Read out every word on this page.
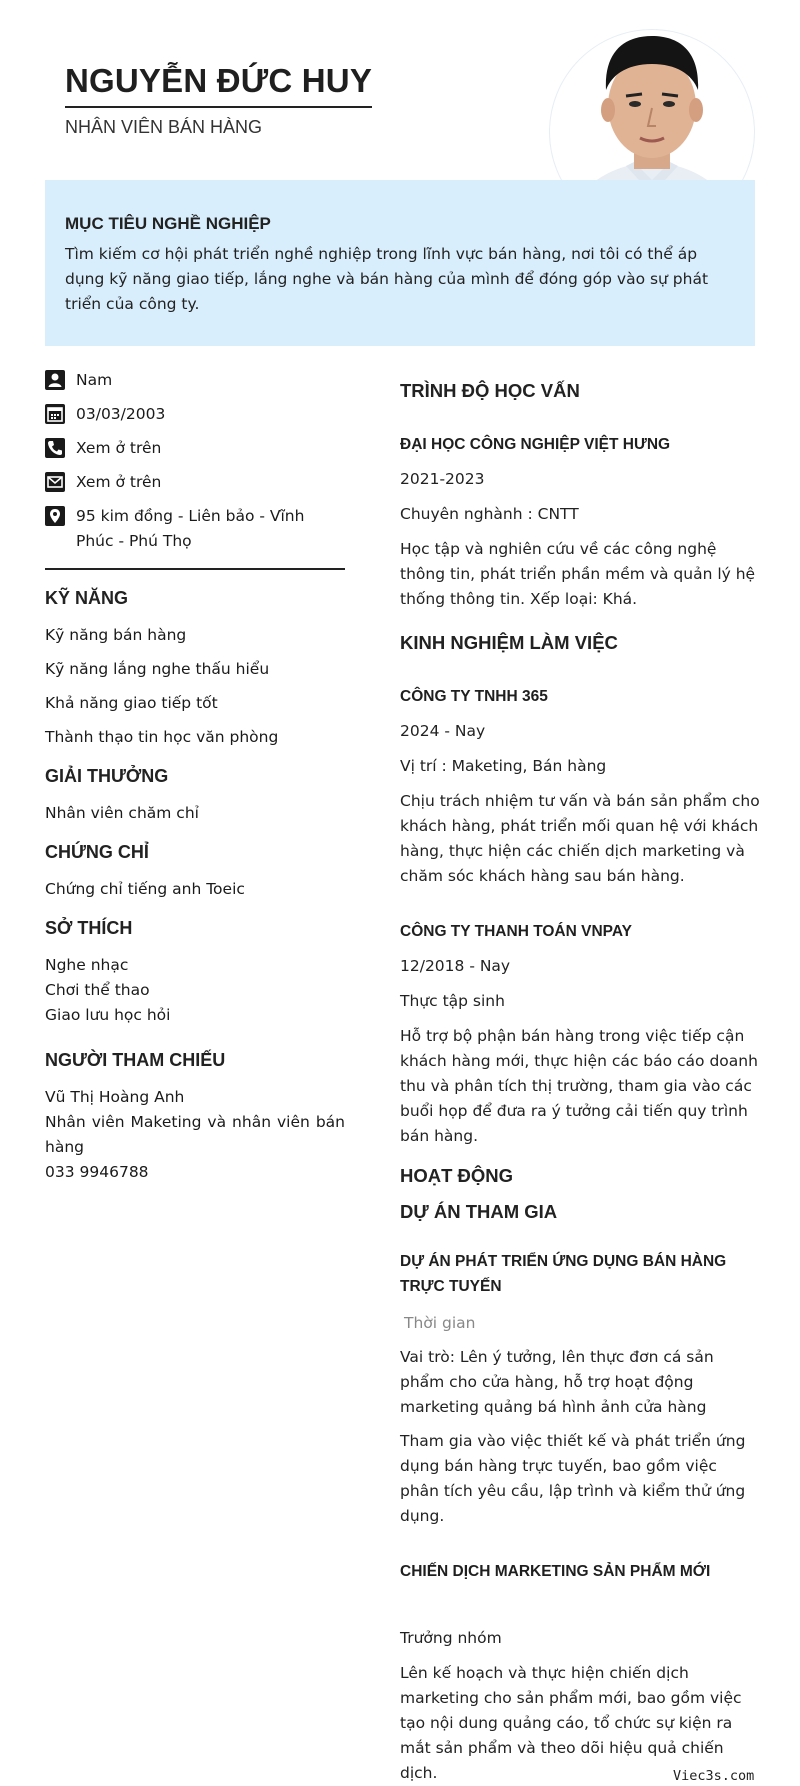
NGUYỄN ĐỨC HUY
NHÂN VIÊN BÁN HÀNG
MỤC TIÊU NGHỀ NGHIỆP

Tìm kiếm cơ hội phát triển nghề nghiệp trong lĩnh vực bán hàng, nơi tôi có thể áp dụng kỹ năng giao tiếp, lắng nghe và bán hàng của mình để đóng góp vào sự phát triển của công ty.

Nam
03/03/2003
Xem ở trên
Xem ở trên
95 kim đồng - Liên bảo - Vĩnh Phúc - Phú Thọ
KỸ NĂNG
Kỹ năng bán hàng
Kỹ năng lắng nghe thấu hiểu
Khả năng giao tiếp tốt
Thành thạo tin học văn phòng
GIẢI THƯỞNG
Nhân viên chăm chỉ
CHỨNG CHỈ
Chứng chỉ tiếng anh Toeic
SỞ THÍCH
Nghe nhạc
Chơi thể thao
Giao lưu học hỏi
NGƯỜI THAM CHIẾU
Vũ Thị Hoàng Anh
Nhân viên Maketing và nhân viên bán hàng
033 9946788
TRÌNH ĐỘ HỌC VẤN
ĐẠI HỌC CÔNG NGHIỆP VIỆT HƯNG
2021-2023
Chuyên nghành : CNTT
Học tập và nghiên cứu về các công nghệ thông tin, phát triển phần mềm và quản lý hệ thống thông tin. Xếp loại: Khá.
KINH NGHIỆM LÀM VIỆC
CÔNG TY TNHH 365
2024 - Nay
Vị trí : Maketing, Bán hàng
Chịu trách nhiệm tư vấn và bán sản phẩm cho khách hàng, phát triển mối quan hệ với khách hàng, thực hiện các chiến dịch marketing và chăm sóc khách hàng sau bán hàng.
CÔNG TY THANH TOÁN VNPAY
12/2018 - Nay
Thực tập sinh
Hỗ trợ bộ phận bán hàng trong việc tiếp cận khách hàng mới, thực hiện các báo cáo doanh thu và phân tích thị trường, tham gia vào các buổi họp để đưa ra ý tưởng cải tiến quy trình bán hàng.
HOẠT ĐỘNG
DỰ ÁN THAM GIA
DỰ ÁN PHÁT TRIỂN ỨNG DỤNG BÁN HÀNG TRỰC TUYẾN
Thời gian
Vai trò: Lên ý tưởng, lên thực đơn cá sản phẩm cho cửa hàng, hỗ trợ hoạt động marketing quảng bá hình ảnh cửa hàng
Tham gia vào việc thiết kế và phát triển ứng dụng bán hàng trực tuyến, bao gồm việc phân tích yêu cầu, lập trình và kiểm thử ứng dụng.
CHIẾN DỊCH MARKETING SẢN PHẨM MỚI
Trưởng nhóm
Lên kế hoạch và thực hiện chiến dịch marketing cho sản phẩm mới, bao gồm việc tạo nội dung quảng cáo, tổ chức sự kiện ra mắt sản phẩm và theo dõi hiệu quả chiến dịch.	Viec3s.com
